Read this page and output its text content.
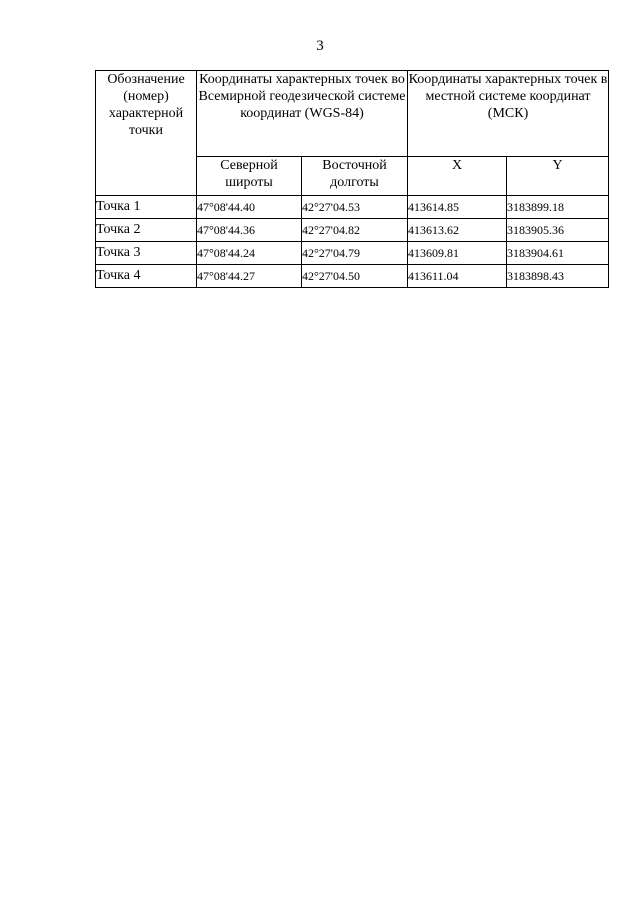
3
Обозначение (номер) характерной точки	Координаты характерных точек во Всемирной геодезической системе координат (WGS-84)		Координаты характерных точек в местной системе координат (МСК)	
	Северной широты	Восточной долготы	X	Y
Точка 1	47°08'44.40	42°27'04.53	413614.85	3183899.18
Точка 2	47°08'44.36	42°27'04.82	413613.62	3183905.36
Точка 3	47°08'44.24	42°27'04.79	413609.81	3183904.61
Точка 4	47°08'44.27	42°27'04.50	413611.04	3183898.43
